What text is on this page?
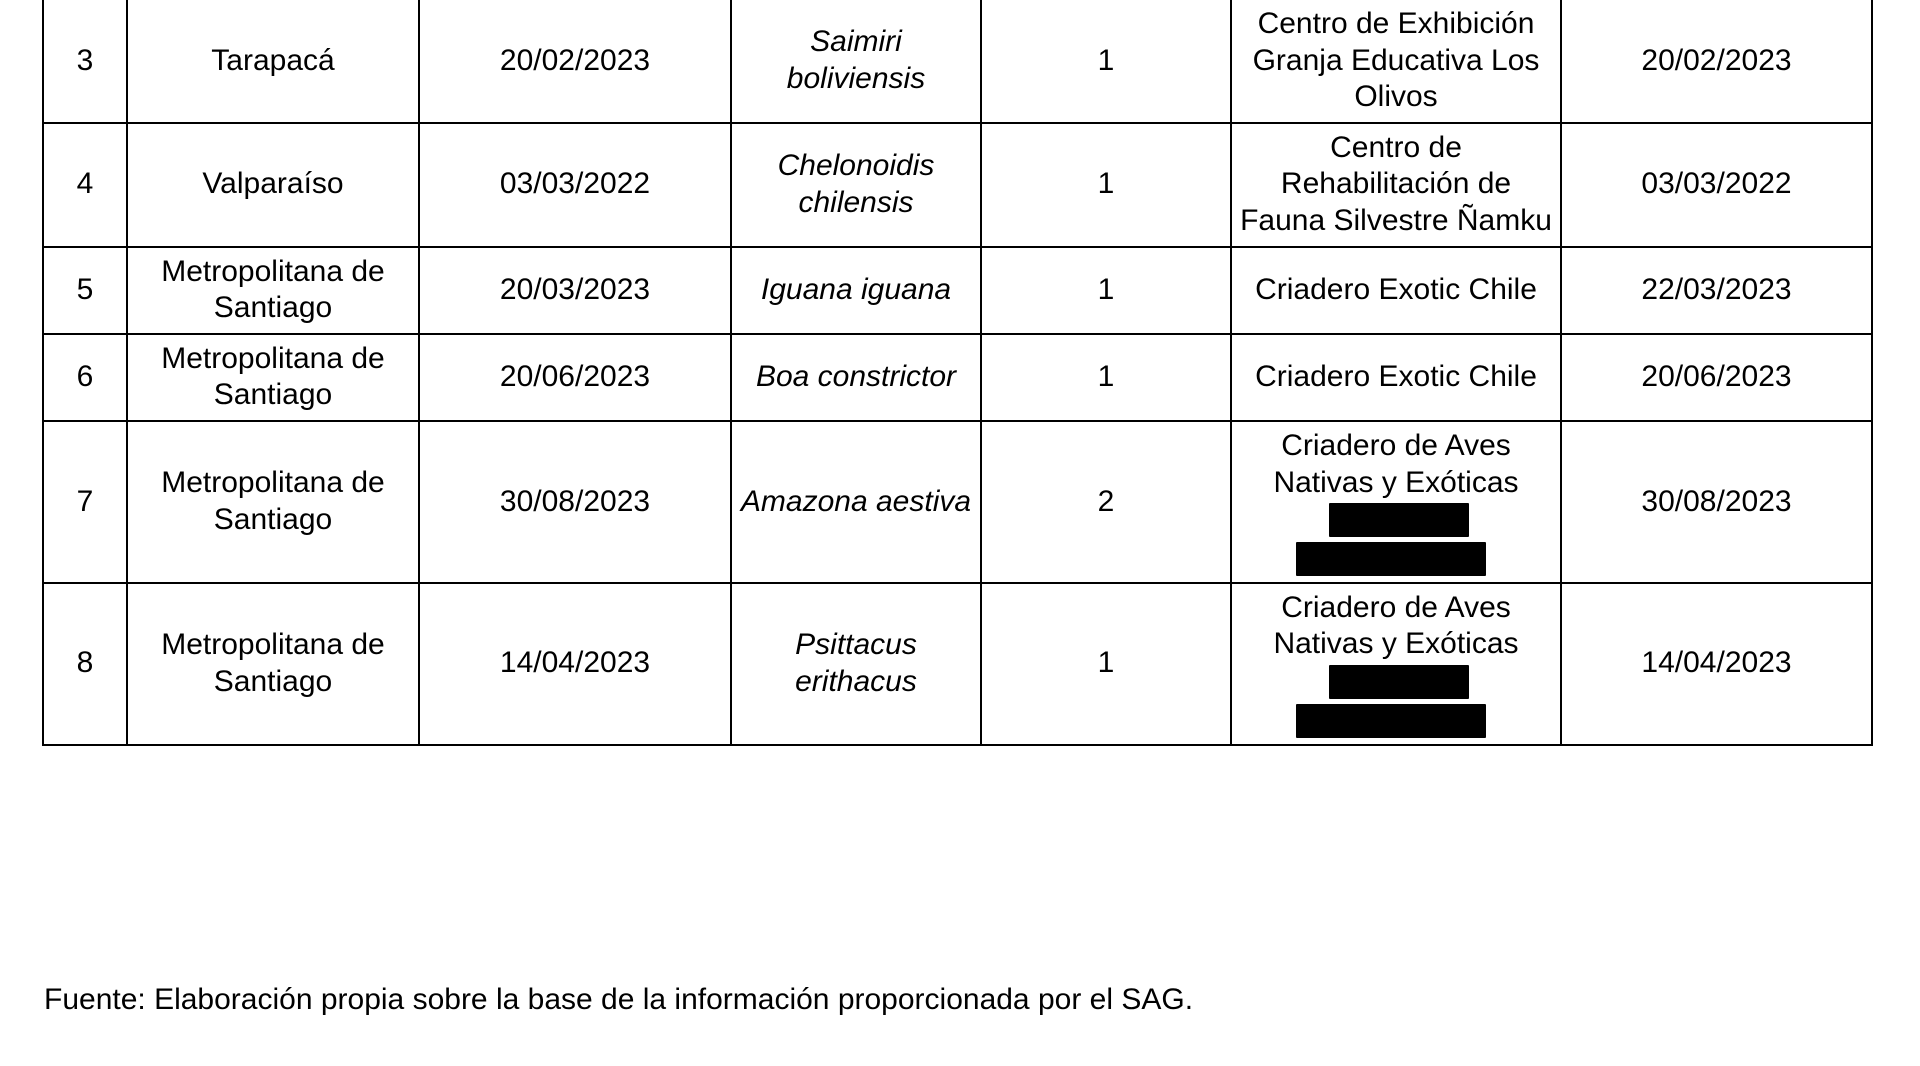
3	Tarapacá	20/02/2023	Saimiri boliviensis	1	Centro de Exhibición Granja Educativa Los Olivos	20/02/2023
4	Valparaíso	03/03/2022	Chelonoidis chilensis	1	Centro de Rehabilitación de Fauna Silvestre Ñamku	03/03/2022
5	Metropolitana de Santiago	20/03/2023	Iguana iguana	1	Criadero Exotic Chile	22/03/2023
6	Metropolitana de Santiago	20/06/2023	Boa constrictor	1	Criadero Exotic Chile	20/06/2023
7	Metropolitana de Santiago	30/08/2023	Amazona aestiva	2	Criadero de Aves Nativas y Exóticas	30/08/2023
8	Metropolitana de Santiago	14/04/2023	Psittacus erithacus	1	Criadero de Aves Nativas y Exóticas	14/04/2023
Fuente: Elaboración propia sobre la base de la información proporcionada por el SAG.
